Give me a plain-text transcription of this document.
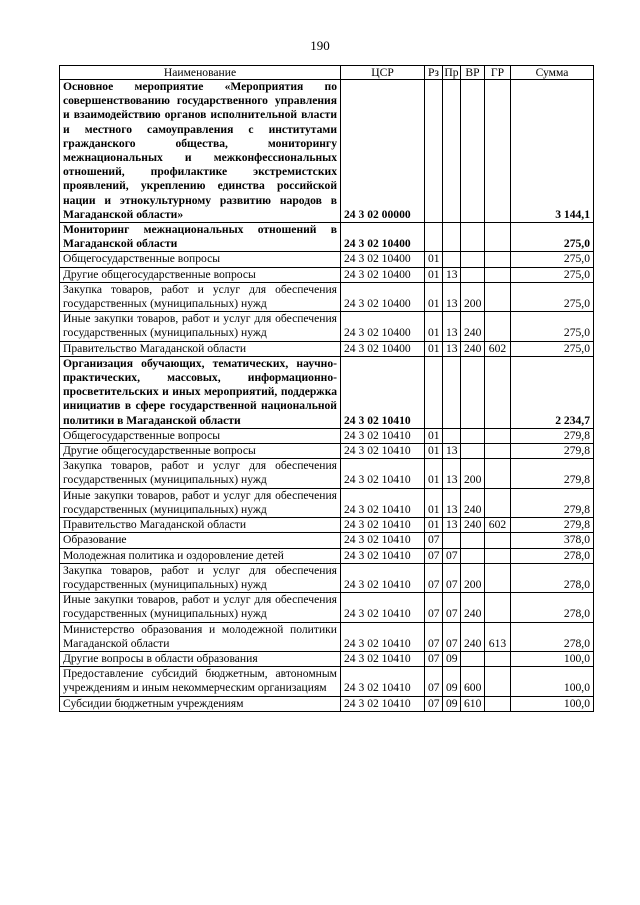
190
Наименование	ЦСР	Рз	Пр	ВР	ГР	Сумма
Основное мероприятие «Мероприятия по совершенствованию государственного управления и взаимодействию органов исполнительной власти и местного самоуправления с институтами гражданского общества, мониторингу межнациональных и межконфессиональных отношений, профилактике экстремистских проявлений, укреплению единства российской нации и этнокультурному развитию народов в Магаданской области»	24 3 02 00000					3 144,1
Мониторинг межнациональных отношений в Магаданской области	24 3 02 10400					275,0
Общегосударственные вопросы	24 3 02 10400	01				275,0
Другие общегосударственные вопросы	24 3 02 10400	01	13			275,0
Закупка товаров, работ и услуг для обеспечения государственных (муниципальных) нужд	24 3 02 10400	01	13	200		275,0
Иные закупки товаров, работ и услуг для обеспечения государственных (муниципальных) нужд	24 3 02 10400	01	13	240		275,0
Правительство Магаданской области	24 3 02 10400	01	13	240	602	275,0
Организация обучающих, тематических, научно-практических, массовых, информационно-просветительских и иных мероприятий, поддержка инициатив в сфере государственной национальной политики в Магаданской области	24 3 02 10410					2 234,7
Общегосударственные вопросы	24 3 02 10410	01				279,8
Другие общегосударственные вопросы	24 3 02 10410	01	13			279,8
Закупка товаров, работ и услуг для обеспечения государственных (муниципальных) нужд	24 3 02 10410	01	13	200		279,8
Иные закупки товаров, работ и услуг для обеспечения государственных (муниципальных) нужд	24 3 02 10410	01	13	240		279,8
Правительство Магаданской области	24 3 02 10410	01	13	240	602	279,8
Образование	24 3 02 10410	07				378,0
Молодежная политика и оздоровление детей	24 3 02 10410	07	07			278,0
Закупка товаров, работ и услуг для обеспечения государственных (муниципальных) нужд	24 3 02 10410	07	07	200		278,0
Иные закупки товаров, работ и услуг для обеспечения государственных (муниципальных) нужд	24 3 02 10410	07	07	240		278,0
Министерство образования и молодежной политики Магаданской области	24 3 02 10410	07	07	240	613	278,0
Другие вопросы в области образования	24 3 02 10410	07	09			100,0
Предоставление субсидий бюджетным, автономным учреждениям и иным некоммерческим организациям	24 3 02 10410	07	09	600		100,0
Субсидии бюджетным учреждениям	24 3 02 10410	07	09	610		100,0
